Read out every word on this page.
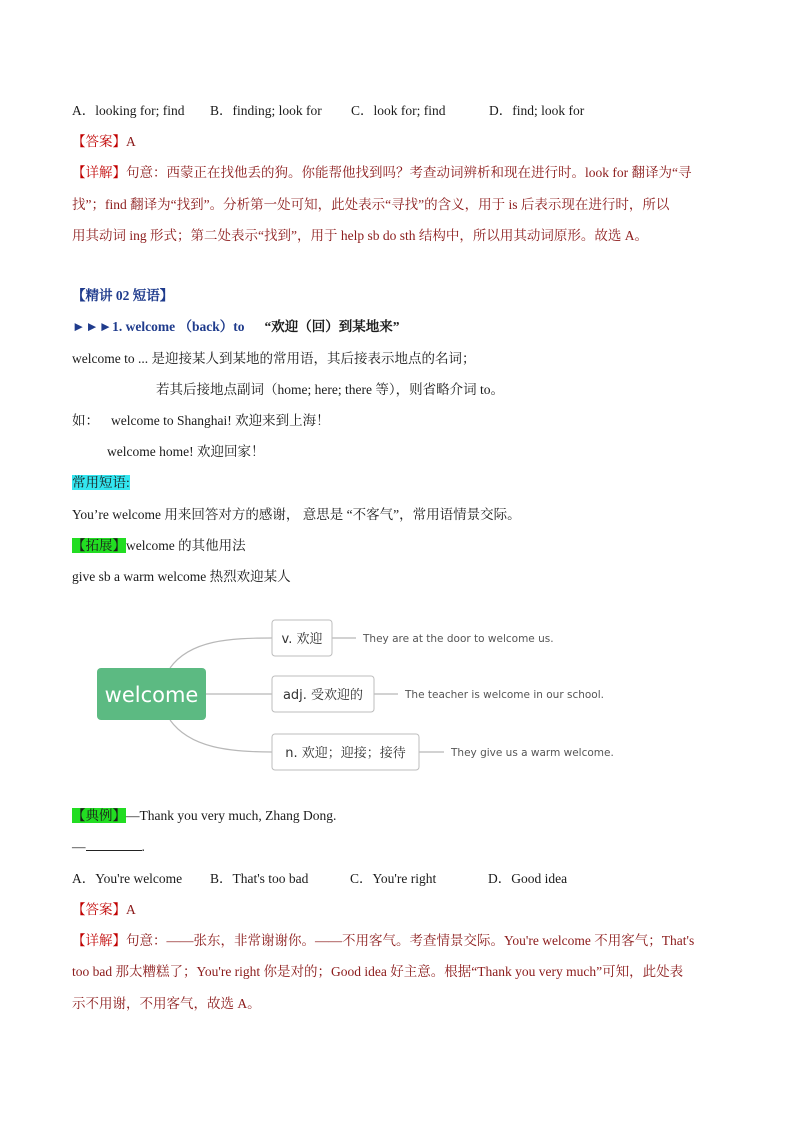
A．looking for; find B．finding; look for C．look for; find	D．find; look for
【答案】A
【详解】句意：西蒙正在找他丢的狗。你能帮他找到吗？考查动词辨析和现在进行时。look for 翻译为“寻
找”；find 翻译为“找到”。分析第一处可知，此处表示“寻找”的含义，用于 is 后表示现在进行时，所以
用其动词 ing 形式；第二处表示“找到”，用于 help sb do sth 结构中，所以用其动词原形。故选 A。
【精讲 02 短语】
►►►1. welcome （back）to “欢迎（回）到某地来”
welcome to ... 是迎接某人到某地的常用语，其后接表示地点的名词；
若其后接地点副词（home; here; there 等），则省略介词 to。
如： welcome to Shanghai! 欢迎来到上海！
welcome home! 欢迎回家！
常用短语:
You’re welcome 用来回答对方的感谢， 意思是 “不客气”，常用语情景交际。
【拓展】welcome 的其他用法
give sb a warm welcome 热烈欢迎某人
welcome
v. 欢迎	They are at the door to welcome us.
adj. 受欢迎的	The teacher is welcome in our school.
n. 欢迎；迎接；接待	They give us a warm welcome.
【典例】—Thank you very much, Zhang Dong.
—	.
A．You're welcome B．That's too bad	C．You're right	D．Good idea
【答案】A
【详解】句意：——张东，非常谢谢你。——不用客气。考查情景交际。You're welcome 不用客气；That's
too bad 那太糟糕了；You're right 你是对的；Good idea 好主意。根据“Thank you very much”可知，此处表
示不用谢，不用客气，故选 A。
